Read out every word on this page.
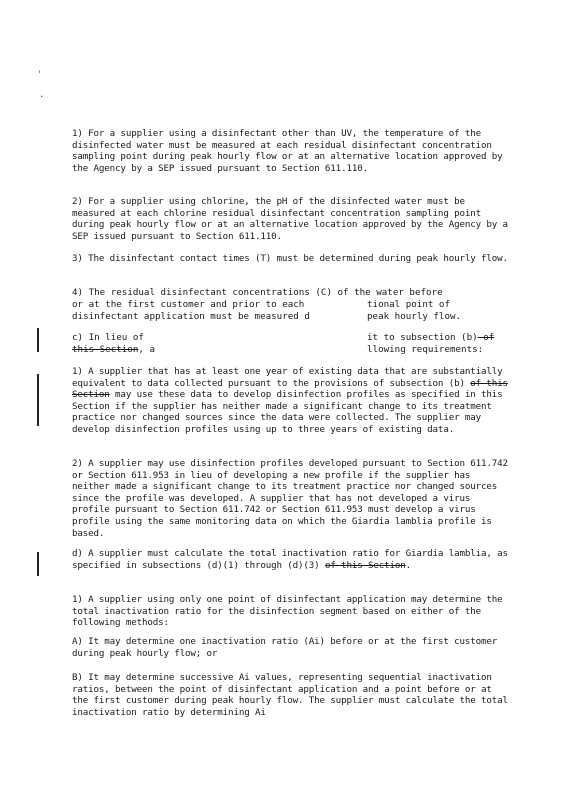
'
.

1) For a supplier using a disinfectant other than UV, the temperature of the disinfected water must be measured at each residual disinfectant concentration sampling point during peak hourly flow or at an alternative location approved by the Agency by a SEP issued pursuant to Section 611.110.

2) For a supplier using chlorine, the pH of the disinfected water must be measured at each chlorine residual disinfectant concentration sampling point during peak hourly flow or at an alternative location approved by the Agency by a SEP issued pursuant to Section 611.110.

3) The disinfectant contact times (T) must be determined during peak hourly flow.

4) The residual disinfectant concentrations (C) of the water before
or at the first customer and prior to each	tional point of
disinfectant application must be measured d	peak hourly flow.
c) In lieu of
this Section, a
it to subsection (b) of
llowing requirements:

1) A supplier that has at least one year of existing data that are substantially equivalent to data collected pursuant to the provisions of subsection (b) of this Section may use these data to develop disinfection profiles as specified in this Section if the supplier has neither made a significant change to its treatment practice nor changed sources since the data were collected. The supplier may develop disinfection profiles using up to three years of existing data.

2) A supplier may use disinfection profiles developed pursuant to Section 611.742 or Section 611.953 in lieu of developing a new profile if the supplier has neither made a significant change to its treatment practice nor changed sources since the profile was developed. A supplier that has not developed a virus profile pursuant to Section 611.742 or Section 611.953 must develop a virus profile using the same monitoring data on which the Giardia lamblia profile is based.

d) A supplier must calculate the total inactivation ratio for Giardia lamblia, as specified in subsections (d)(1) through (d)(3) of this Section.

1) A supplier using only one point of disinfectant application may determine the total inactivation ratio for the disinfection segment based on either of the following methods:

A) It may determine one inactivation ratio (Ai) before or at the first customer during peak hourly flow; or

B) It may determine successive Ai values, representing sequential inactivation ratios, between the point of disinfectant application and a point before or at the first customer during peak hourly flow. The supplier must calculate the total inactivation ratio by determining Ai
